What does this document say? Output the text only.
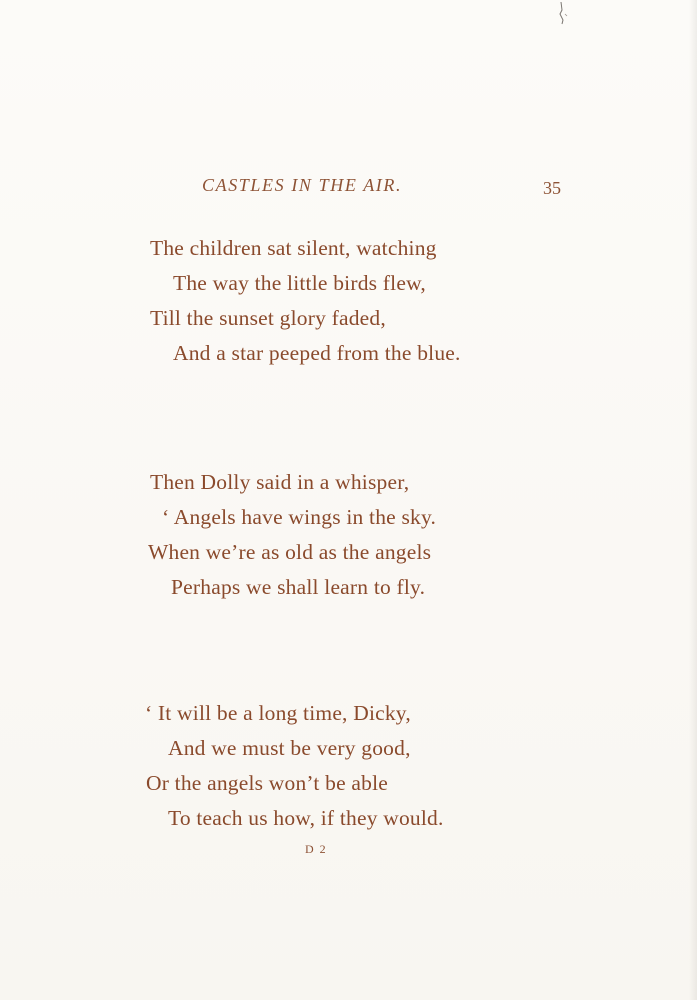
CASTLES IN THE AIR.	35
The children sat silent, watching
The way the little birds flew,
Till the sunset glory faded,
And a star peeped from the blue.
Then Dolly said in a whisper,
‘ Angels have wings in the sky.
When we’re as old as the angels
Perhaps we shall learn to fly.
‘ It will be a long time, Dicky,
And we must be very good,
Or the angels won’t be able
To teach us how, if they would.
D 2
